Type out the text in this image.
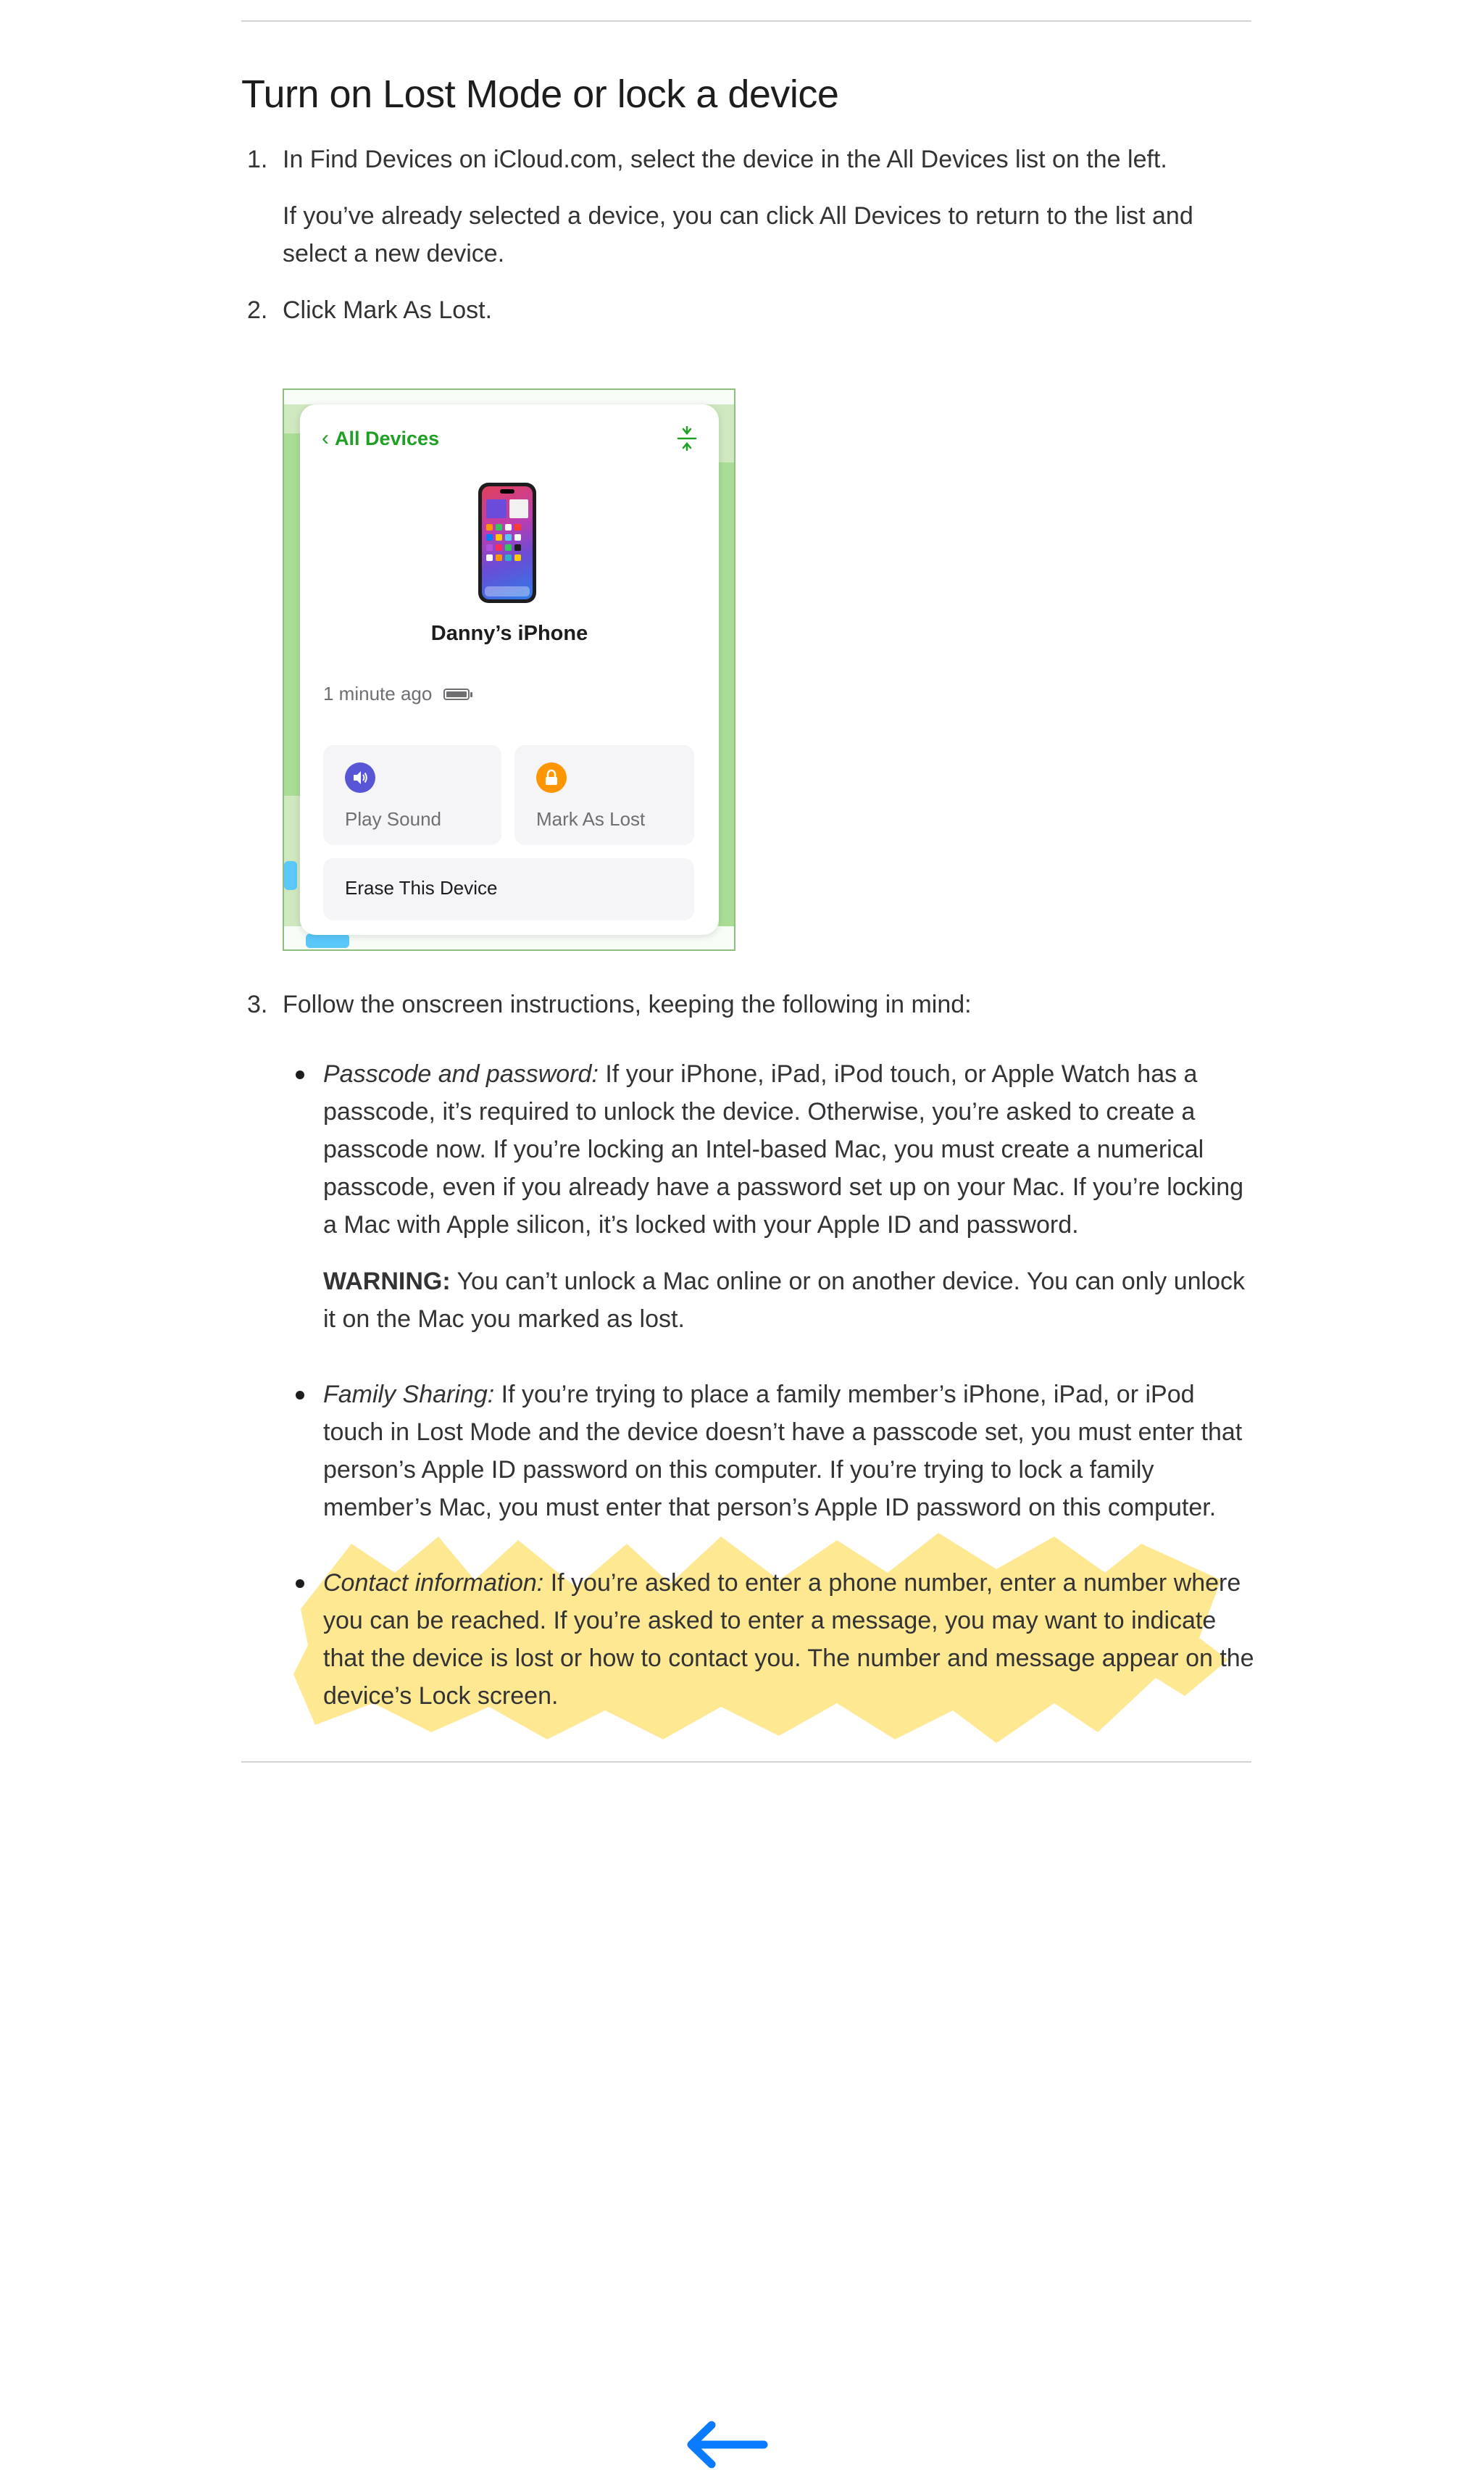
Turn on Lost Mode or lock a device
1. In Find Devices on iCloud.com, select the device in the All Devices list on the left.

If you’ve already selected a device, you can click All Devices to return to the list and select a new device.

2. Click Mark As Lost.

‹ All Devices
Danny’s iPhone
1 minute ago
Play Sound	Mark As Lost
Erase This Device
3. Follow the onscreen instructions, keeping the following in mind:

Passcode and password: If your iPhone, iPad, iPod touch, or Apple Watch has a passcode, it’s required to unlock the device. Otherwise, you’re asked to create a passcode now. If you’re locking an Intel-based Mac, you must create a numerical passcode, even if you already have a password set up on your Mac. If you’re locking a Mac with Apple silicon, it’s locked with your Apple ID and password.
WARNING: You can’t unlock a Mac online or on another device. You can only unlock it on the Mac you marked as lost.
Family Sharing: If you’re trying to place a family member’s iPhone, iPad, or iPod touch in Lost Mode and the device doesn’t have a passcode set, you must enter that person’s Apple ID password on this computer. If you’re trying to lock a family member’s Mac, you must enter that person’s Apple ID password on this computer.
Contact information: If you’re asked to enter a phone number, enter a number where you can be reached. If you’re asked to enter a message, you may want to indicate that the device is lost or how to contact you. The number and message appear on the device’s Lock screen.
